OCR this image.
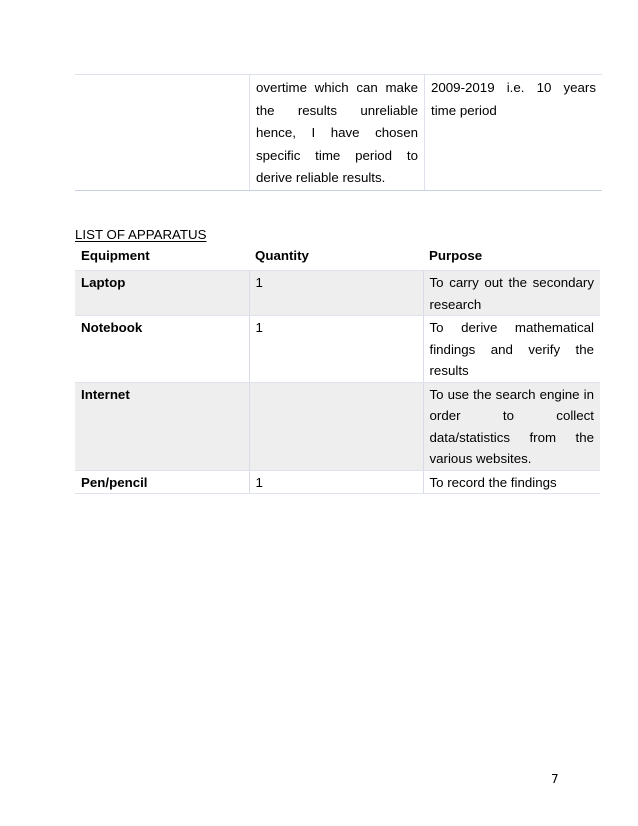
	overtime which can make the results unreliable hence, I have chosen specific time period to derive reliable results.	2009-2019 i.e. 10 years time period
LIST OF APPARATUS
Equipment	Quantity	Purpose
Laptop	1	To carry out the secondary research
Notebook	1	To derive mathematical findings and verify the results
Internet		To use the search engine in order to collect data/statistics from the various websites.
Pen/pencil	1	To record the findings
7
